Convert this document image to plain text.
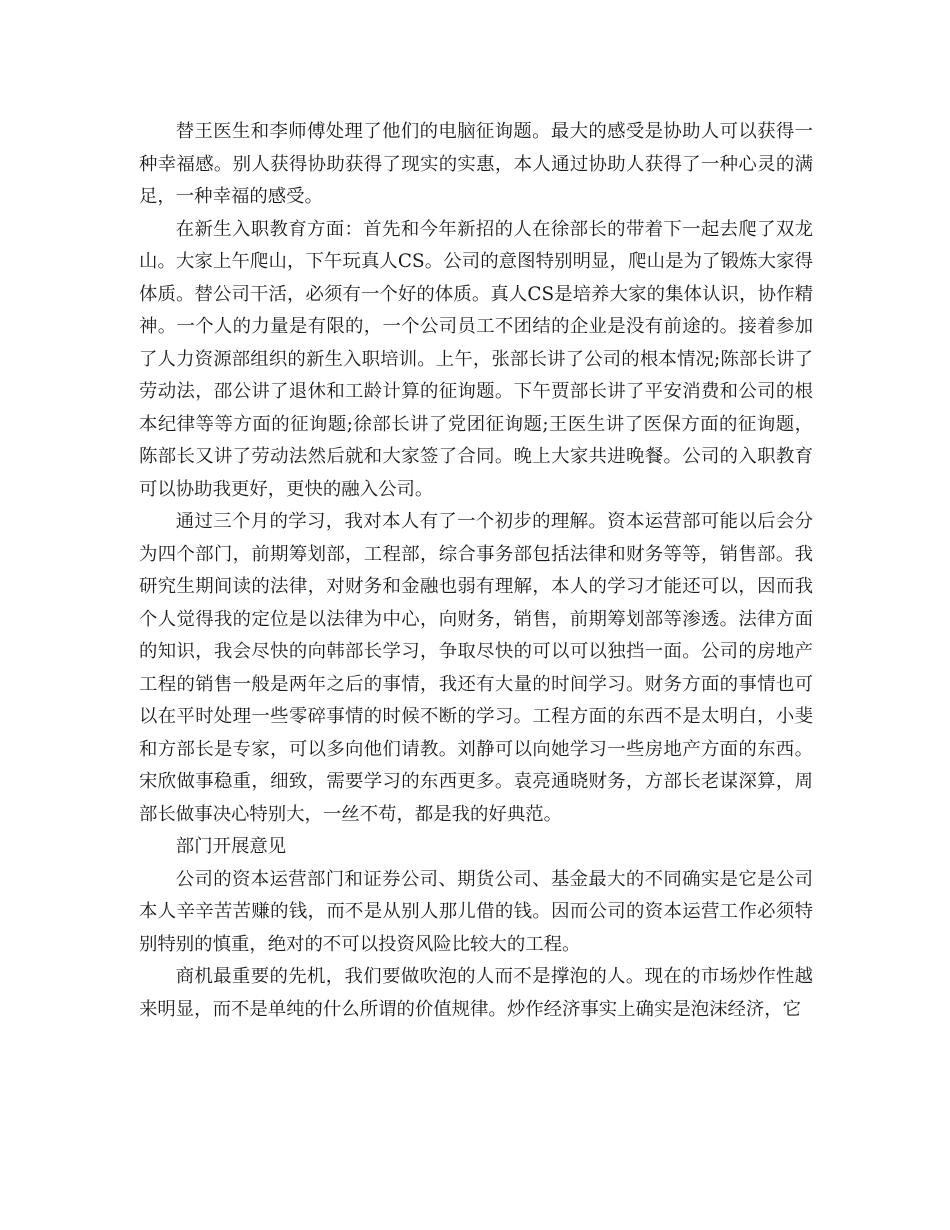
替王医生和李师傅处理了他们的电脑征询题。最大的感受是协助人可以获得一种幸福感。别人获得协助获得了现实的实惠，本人通过协助人获得了一种心灵的满足，一种幸福的感受。

在新生入职教育方面：首先和今年新招的人在徐部长的带着下一起去爬了双龙山。大家上午爬山，下午玩真人CS。公司的意图特别明显，爬山是为了锻炼大家得体质。替公司干活，必须有一个好的体质。真人CS是培养大家的集体认识，协作精神。一个人的力量是有限的，一个公司员工不团结的企业是没有前途的。接着参加了人力资源部组织的新生入职培训。上午，张部长讲了公司的根本情况;陈部长讲了劳动法，邵公讲了退休和工龄计算的征询题。下午贾部长讲了平安消费和公司的根本纪律等等方面的征询题;徐部长讲了党团征询题;王医生讲了医保方面的征询题，陈部长又讲了劳动法然后就和大家签了合同。晚上大家共进晚餐。公司的入职教育可以协助我更好，更快的融入公司。

通过三个月的学习，我对本人有了一个初步的理解。资本运营部可能以后会分为四个部门，前期筹划部，工程部，综合事务部包括法律和财务等等，销售部。我研究生期间读的法律，对财务和金融也弱有理解，本人的学习才能还可以，因而我个人觉得我的定位是以法律为中心，向财务，销售，前期筹划部等渗透。法律方面的知识，我会尽快的向韩部长学习，争取尽快的可以可以独挡一面。公司的房地产工程的销售一般是两年之后的事情，我还有大量的时间学习。财务方面的事情也可以在平时处理一些零碎事情的时候不断的学习。工程方面的东西不是太明白，小斐和方部长是专家，可以多向他们请教。刘静可以向她学习一些房地产方面的东西。宋欣做事稳重，细致，需要学习的东西更多。袁亮通晓财务，方部长老谋深算，周部长做事决心特别大，一丝不苟，都是我的好典范。

部门开展意见

公司的资本运营部门和证券公司、期货公司、基金最大的不同确实是它是公司本人辛辛苦苦赚的钱，而不是从别人那儿借的钱。因而公司的资本运营工作必须特别特别的慎重，绝对的不可以投资风险比较大的工程。

商机最重要的先机，我们要做吹泡的人而不是撑泡的人。现在的市场炒作性越来明显，而不是单纯的什么所谓的价值规律。炒作经济事实上确实是泡沫经济，它
